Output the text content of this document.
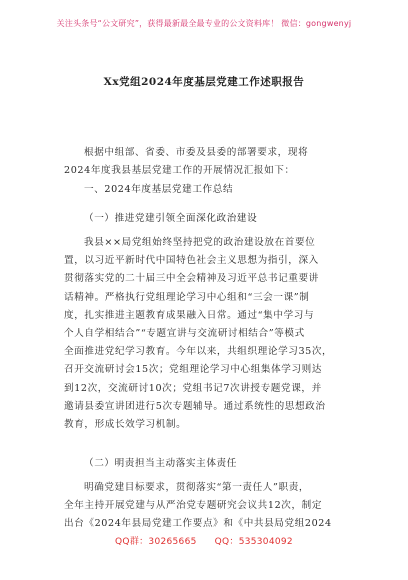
关注头条号“公文研究”，获得最新最全最专业的公文资料库！ 微信：gongwenyj
Xx党组2024年度基层党建工作述职报告
根据中组部、省委、市委及县委的部署要求，现将
2024年度我县基层党建工作的开展情况汇报如下：
一、2024年度基层党建工作总结
（一）推进党建引领全面深化政治建设
我县××局党组始终坚持把党的政治建设放在首要位
置，以习近平新时代中国特色社会主义思想为指引，深入
贯彻落实党的二十届三中全会精神及习近平总书记重要讲
话精神。严格执行党组理论学习中心组和“三会一课”制
度，扎实推进主题教育成果融入日常。通过“集中学习与
个人自学相结合”“专题宣讲与交流研讨相结合”等模式
全面推进党纪学习教育。今年以来，共组织理论学习35次，
召开交流研讨会15次；党组理论学习中心组集体学习则达
到12次，交流研讨10次；党组书记7次讲授专题党课，并
邀请县委宣讲团进行5次专题辅导。通过系统性的思想政治
教育，形成长效学习机制。
（二）明责担当主动落实主体责任
明确党建目标要求，贯彻落实“第一责任人”职责，
全年主持开展党建与从严治党专题研究会议共12次，制定
出台《2024年县局党建工作要点》和《中共县局党组2024
QQ群：30265665 QQ：535304092
